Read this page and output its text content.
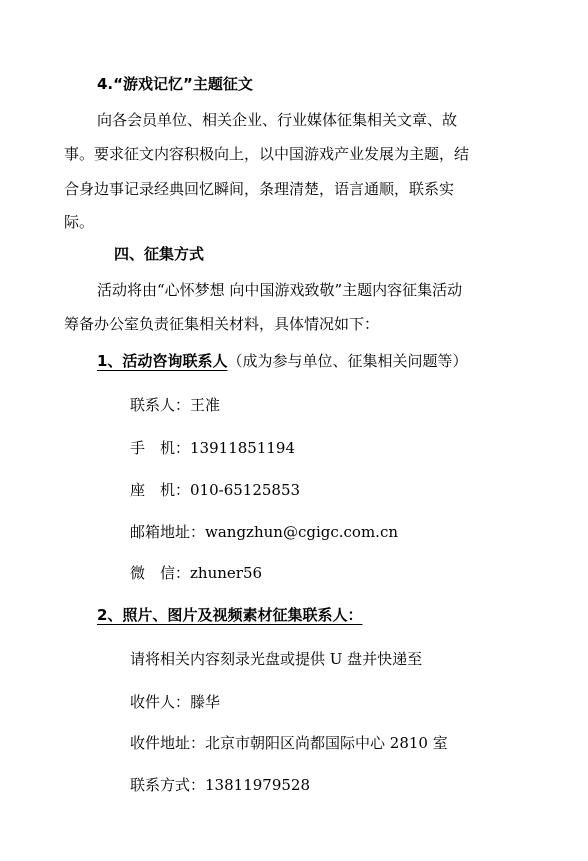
4.“游戏记忆”主题征文
向各会员单位、相关企业、行业媒体征集相关文章、故
事。要求征文内容积极向上，以中国游戏产业发展为主题，结
合身边事记录经典回忆瞬间，条理清楚，语言通顺，联系实
际。
四、征集方式
活动将由“心怀梦想 向中国游戏致敬”主题内容征集活动
筹备办公室负责征集相关材料，具体情况如下：
1、活动咨询联系人（成为参与单位、征集相关问题等）
联系人：王准
手　机：13911851194
座　机：010-65125853
邮箱地址：wangzhun@cgigc.com.cn
微　信：zhuner56
2、照片、图片及视频素材征集联系人：
请将相关内容刻录光盘或提供 U 盘并快递至
收件人：滕华
收件地址：北京市朝阳区尚都国际中心 2810 室
联系方式：13811979528
